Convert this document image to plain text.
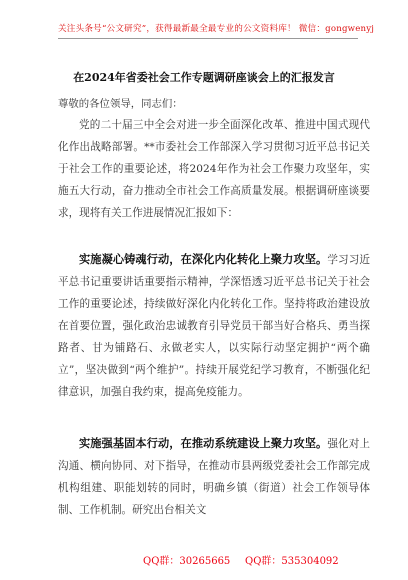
关注头条号“公文研究”，获得最新最全最专业的公文资料库！ 微信：gongwenyj
在2024年省委社会工作专题调研座谈会上的汇报发言
尊敬的各位领导，同志们：
党的二十届三中全会对进一步全面深化改革、推进中国式现代化作出战略部署。**市委社会工作部深入学习贯彻习近平总书记关于社会工作的重要论述，将2024年作为社会工作聚力攻坚年，实施五大行动，奋力推动全市社会工作高质量发展。根据调研座谈要求，现将有关工作进展情况汇报如下：
实施凝心铸魂行动，在深化内化转化上聚力攻坚。学习习近平总书记重要讲话重要指示精神，学深悟透习近平总书记关于社会工作的重要论述，持续做好深化内化转化工作。坚持将政治建设放在首要位置，强化政治忠诚教育引导党员干部当好合格兵、勇当探路者、甘为铺路石、永做老实人，以实际行动坚定拥护“两个确立”，坚决做到“两个维护”。持续开展党纪学习教育，不断强化纪律意识，加强自我约束，提高免疫能力。
实施强基固本行动，在推动系统建设上聚力攻坚。强化对上沟通、横向协同、对下指导，在推动市县两级党委社会工作部完成机构组建、职能划转的同时，明确乡镇（街道）社会工作领导体制、工作机制。研究出台相关文
QQ群：30265665 QQ群：535304092
